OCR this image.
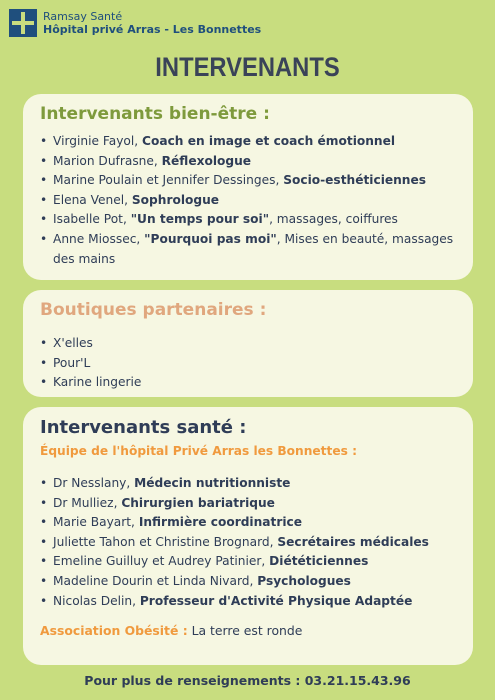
Ramsay Santé
Hôpital privé Arras - Les Bonnettes
INTERVENANTS
Intervenants bien-être :
• Virginie Fayol, Coach en image et coach émotionnel
• Marion Dufrasne, Réflexologue
• Marine Poulain et Jennifer Dessinges, Socio-esthéticiennes
• Elena Venel, Sophrologue
• Isabelle Pot, "Un temps pour soi", massages, coiffures
• Anne Miossec, "Pourquoi pas moi", Mises en beauté, massages des mains
Boutiques partenaires :
• X'elles
• Pour'L
• Karine lingerie
Intervenants santé :
Équipe de l'hôpital Privé Arras les Bonnettes :
• Dr Nesslany, Médecin nutritionniste
• Dr Mulliez, Chirurgien bariatrique
• Marie Bayart, Infirmière coordinatrice
• Juliette Tahon et Christine Brognard, Secrétaires médicales
• Emeline Guilluy et Audrey Patinier, Diététiciennes
• Madeline Dourin et Linda Nivard, Psychologues
• Nicolas Delin, Professeur d'Activité Physique Adaptée
Association Obésité : La terre est ronde
Pour plus de renseignements : 03.21.15.43.96
